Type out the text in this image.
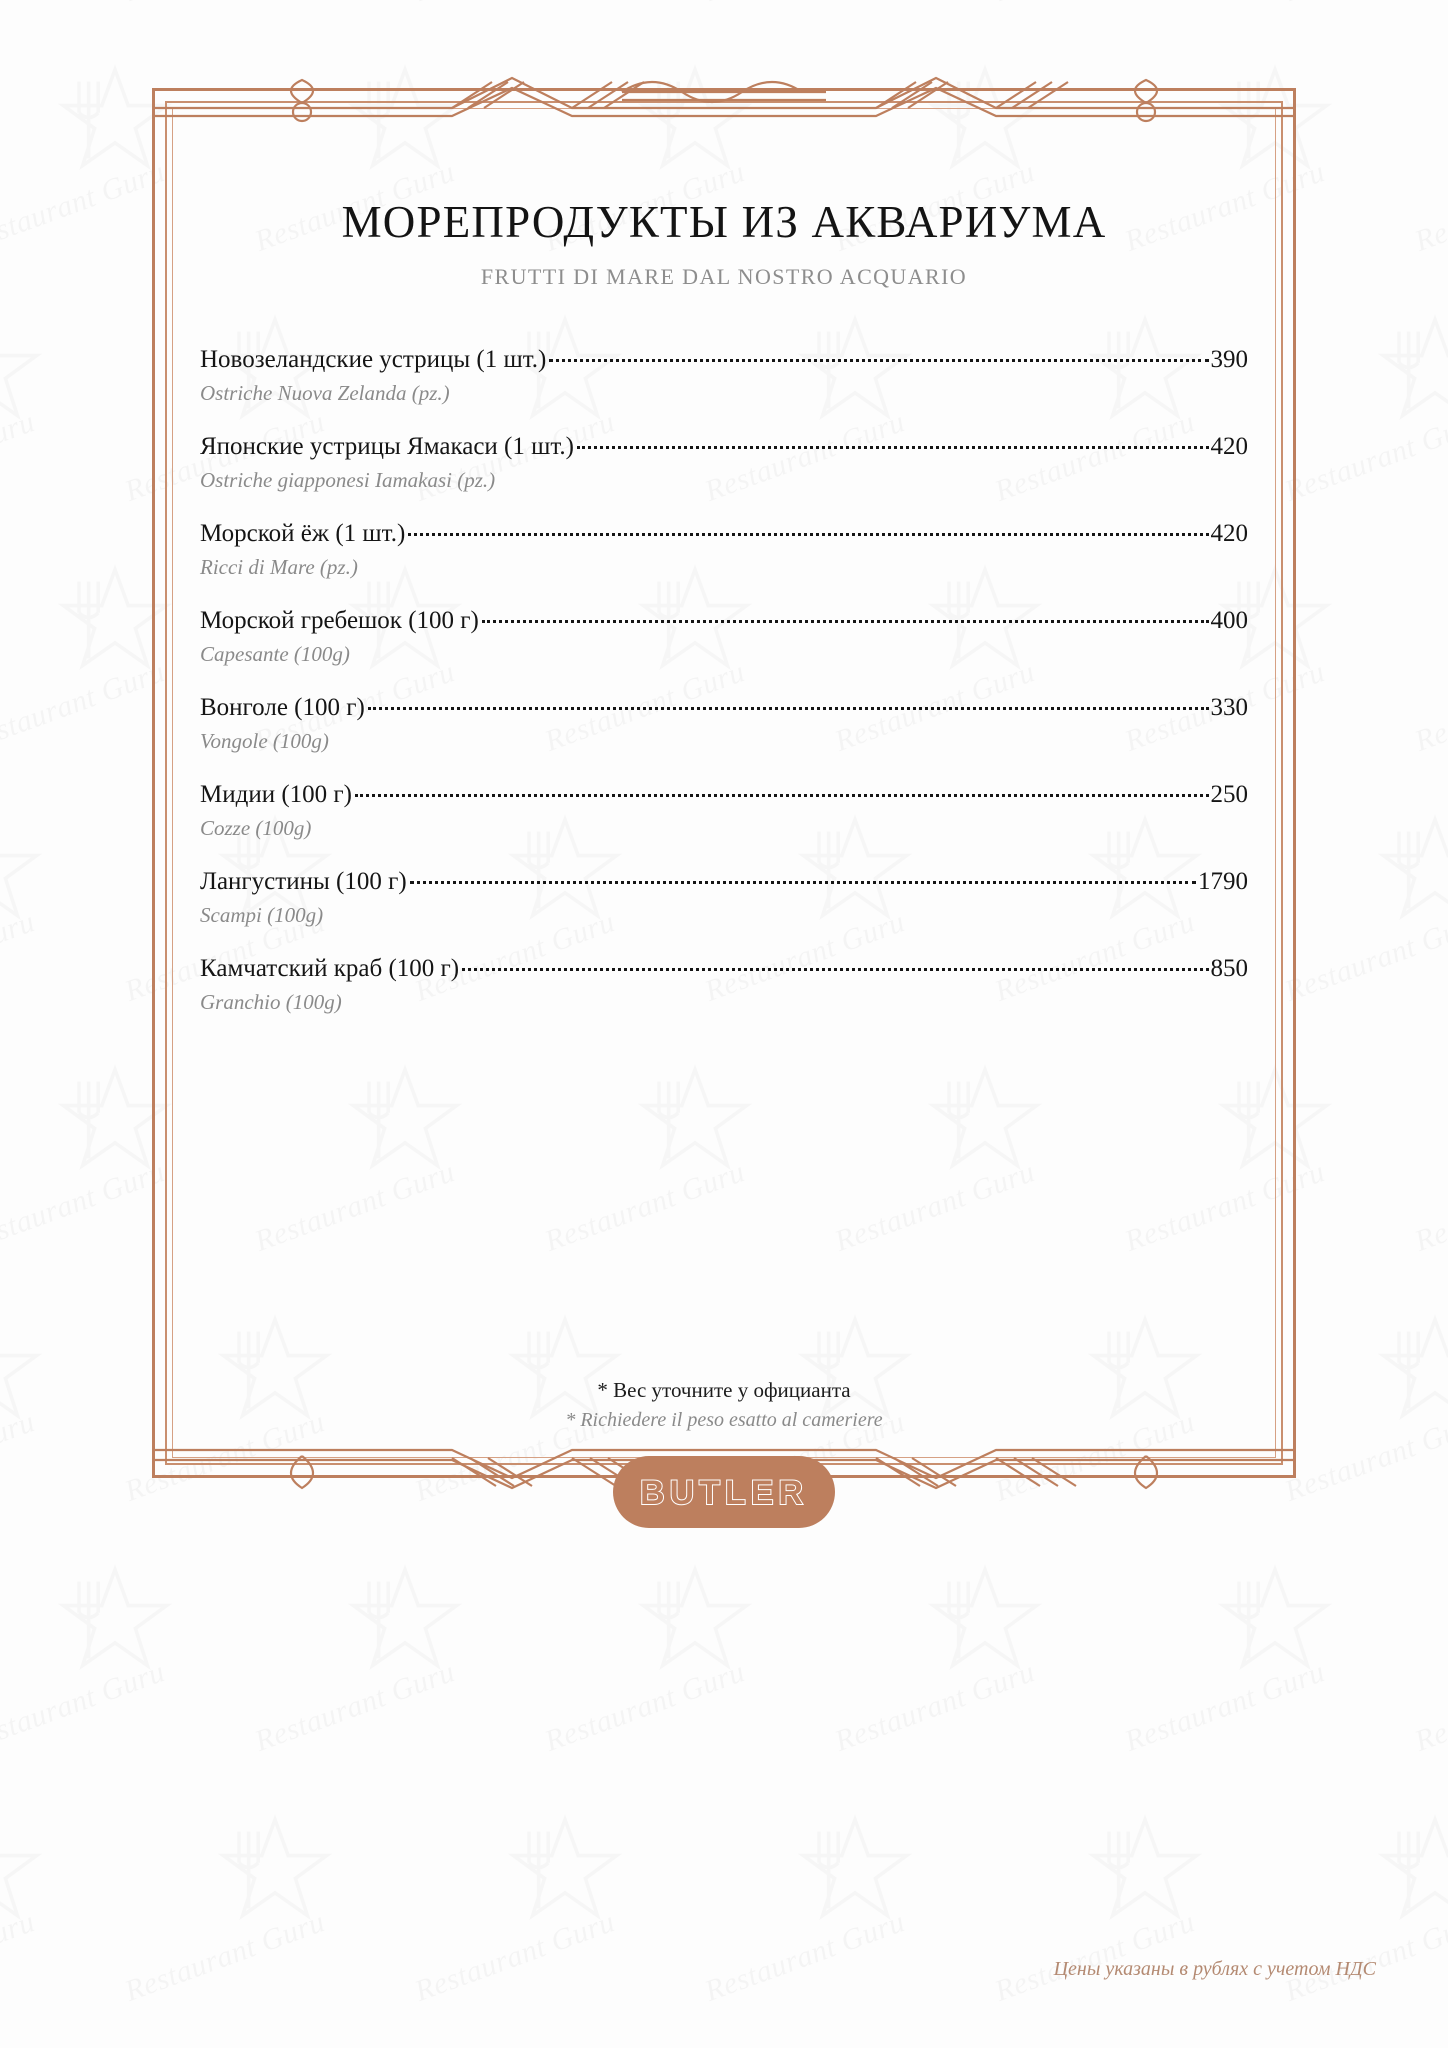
МОРЕПРОДУКТЫ ИЗ АКВАРИУМА
FRUTTI DI MARE DAL NOSTRO ACQUARIO
Новозеландские устрицы (1 шт.)	390
Ostriche Nuova Zelanda (pz.)
Японские устрицы Ямакаси (1 шт.)	420
Ostriche giapponesi Iamakasi (pz.)
Морской ёж (1 шт.)	420
Ricci di Mare (pz.)
Морской гребешок (100 г)	400
Capesante (100g)
Вонголе (100 г)	330
Vongole (100g)
Мидии (100 г)	250
Cozze (100g)
Лангустины (100 г)	1790
Scampi (100g)
Камчатский краб (100 г)	850
Granchio (100g)
* Вес уточните у официанта
* Richiedere il peso esatto al cameriere
BUTLER
Цены указаны в рублях с учетом НДС
